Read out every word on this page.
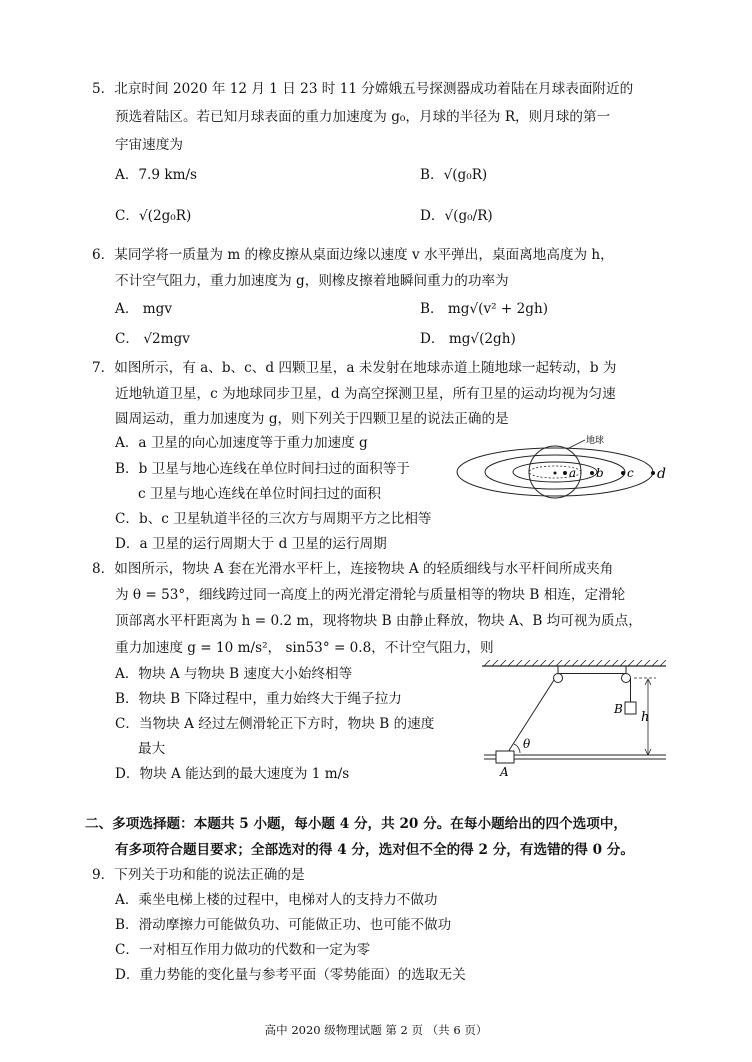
5．北京时间 2020 年 12 月 1 日 23 时 11 分嫦娥五号探测器成功着陆在月球表面附近的
预选着陆区。若已知月球表面的重力加速度为 g₀，月球的半径为 R，则月球的第一
宇宙速度为
A．7.9 km/s	B．√(g₀R)
C．√(2g₀R)	D．√(g₀/R)
6．某同学将一质量为 m 的橡皮擦从桌面边缘以速度 v 水平弹出，桌面离地高度为 h，
不计空气阻力，重力加速度为 g，则橡皮擦着地瞬间重力的功率为
A． mgv	B． mg√(v² + 2gh)
C． √2mgv	D． mg√(2gh)
7．如图所示，有 a、b、c、d 四颗卫星，a 未发射在地球赤道上随地球一起转动，b 为
近地轨道卫星，c 为地球同步卫星，d 为高空探测卫星，所有卫星的运动均视为匀速
圆周运动，重力加速度为 g，则下列关于四颗卫星的说法正确的是
A．a 卫星的向心加速度等于重力加速度 g
B．b 卫星与地心连线在单位时间扫过的面积等于
c 卫星与地心连线在单位时间扫过的面积
C．b、c 卫星轨道半径的三次方与周期平方之比相等
D．a 卫星的运行周期大于 d 卫星的运行周期
地球
a b c d
8．如图所示，物块 A 套在光滑水平杆上，连接物块 A 的轻质细线与水平杆间所成夹角
为 θ = 53°，细线跨过同一高度上的两光滑定滑轮与质量相等的物块 B 相连，定滑轮
顶部离水平杆距离为 h = 0.2 m，现将物块 B 由静止释放，物块 A、B 均可视为质点，
重力加速度 g = 10 m/s²， sin53° = 0.8，不计空气阻力，则
A．物块 A 与物块 B 速度大小始终相等
B．物块 B 下降过程中，重力始终大于绳子拉力
C．当物块 A 经过左侧滑轮正下方时，物块 B 的速度
最大
D．物块 A 能达到的最大速度为 1 m/s
B
h
θ
A
二、多项选择题：本题共 5 小题，每小题 4 分，共 20 分。在每小题给出的四个选项中，
有多项符合题目要求；全部选对的得 4 分，选对但不全的得 2 分，有选错的得 0 分。
9．下列关于功和能的说法正确的是
A．乘坐电梯上楼的过程中，电梯对人的支持力不做功
B．滑动摩擦力可能做负功、可能做正功、也可能不做功
C．一对相互作用力做功的代数和一定为零
D．重力势能的变化量与参考平面（零势能面）的选取无关
高中 2020 级物理试题 第 2 页 （共 6 页）
